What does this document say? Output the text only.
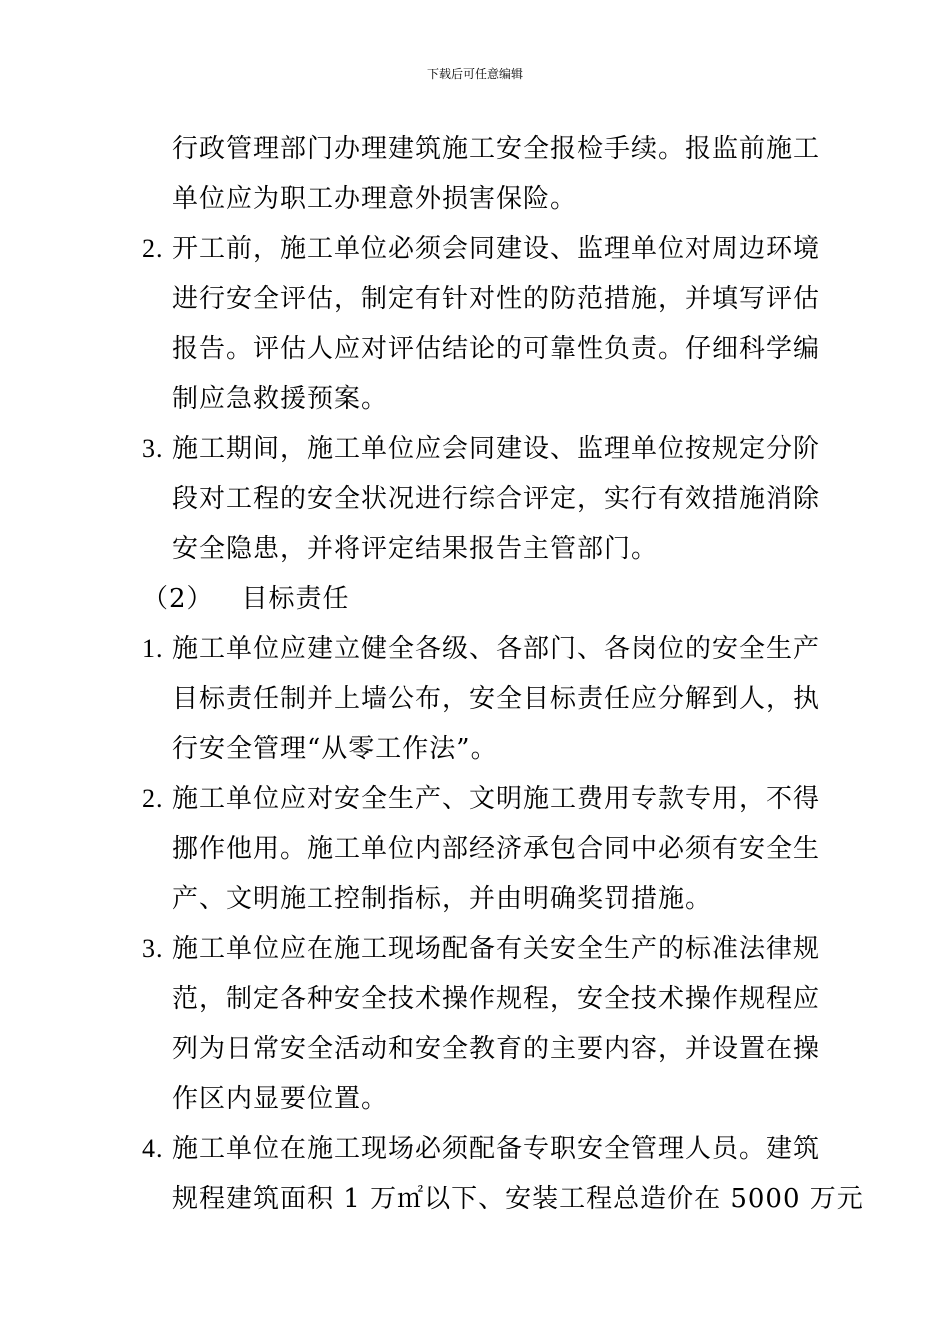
下载后可任意编辑
行政管理部门办理建筑施工安全报检手续。报监前施工
单位应为职工办理意外损害保险。
2. 开工前，施工单位必须会同建设、监理单位对周边环境
进行安全评估，制定有针对性的防范措施，并填写评估
报告。评估人应对评估结论的可靠性负责。仔细科学编
制应急救援预案。
3. 施工期间，施工单位应会同建设、监理单位按规定分阶
段对工程的安全状况进行综合评定，实行有效措施消除
安全隐患，并将评定结果报告主管部门。
（2） 目标责任
1. 施工单位应建立健全各级、各部门、各岗位的安全生产
目标责任制并上墙公布，安全目标责任应分解到人，执
行安全管理“从零工作法”。
2. 施工单位应对安全生产、文明施工费用专款专用，不得
挪作他用。施工单位内部经济承包合同中必须有安全生
产、文明施工控制指标，并由明确奖罚措施。
3. 施工单位应在施工现场配备有关安全生产的标准法律规
范，制定各种安全技术操作规程，安全技术操作规程应
列为日常安全活动和安全教育的主要内容，并设置在操
作区内显要位置。
4. 施工单位在施工现场必须配备专职安全管理人员。建筑
规程建筑面积 1 万㎡以下、安装工程总造价在 5000 万元
